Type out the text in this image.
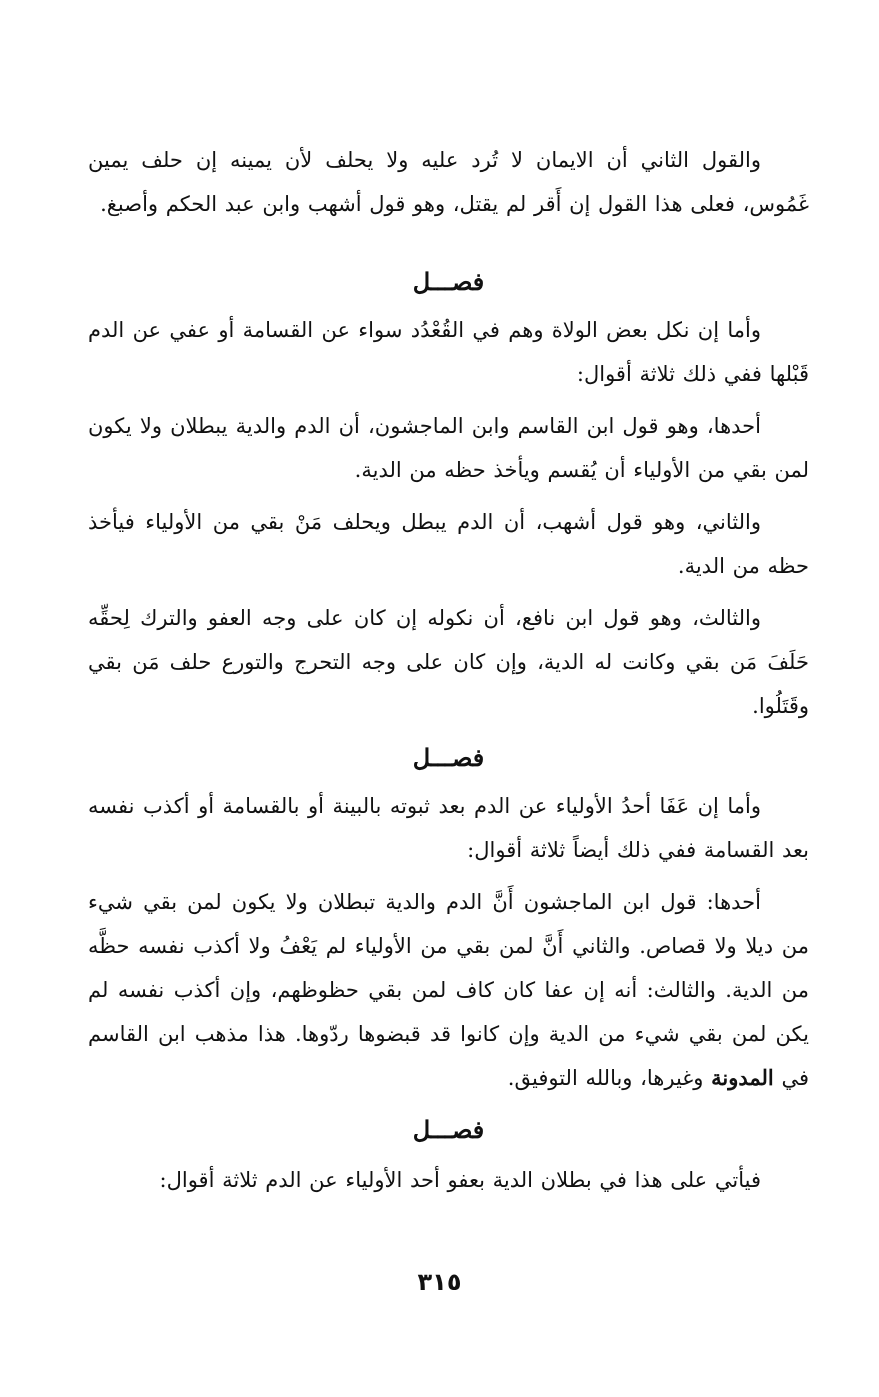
والقول الثاني أن الايمان لا تُرد عليه ولا يحلف لأن يمينه إن حلف يمين غَمُوس، فعلى هذا القول إن أَقر لم يقتل، وهو قول أشهب وابن عبد الحكم وأصبغ.

فصـــل

وأما إن نكل بعض الولاة وهم في القُعْدُد سواء عن القسامة أو عفي عن الدم قَبْلها ففي ذلك ثلاثة أقوال:

أحدها، وهو قول ابن القاسم وابن الماجشون، أن الدم والدية يبطلان ولا يكون لمن بقي من الأولياء أن يُقسم ويأخذ حظه من الدية.

والثاني، وهو قول أشهب، أن الدم يبطل ويحلف مَنْ بقي من الأولياء فيأخذ حظه من الدية.

والثالث، وهو قول ابن نافع، أن نكوله إن كان على وجه العفو والترك لِحقِّه حَلَفَ مَن بقي وكانت له الدية، وإن كان على وجه التحرج والتورع حلف مَن بقي وقَتَلُوا.

فصـــل

وأما إن عَفَا أحدُ الأولياء عن الدم بعد ثبوته بالبينة أو بالقسامة أو أكذب نفسه بعد القسامة ففي ذلك أيضاً ثلاثة أقوال:

أحدها: قول ابن الماجشون أَنَّ الدم والدية تبطلان ولا يكون لمن بقي شيء من ديلا ولا قصاص. والثاني أَنَّ لمن بقي من الأولياء لم يَعْفُ ولا أكذب نفسه حظَّه من الدية. والثالث: أنه إن عفا كان كاف لمن بقي حظوظهم، وإن أكذب نفسه لم يكن لمن بقي شيء من الدية وإن كانوا قد قبضوها ردّوها. هذا مذهب ابن القاسم في المدونة وغيرها، وبالله التوفيق.

فصـــل

فيأتي على هذا في بطلان الدية بعفو أحد الأولياء عن الدم ثلاثة أقوال:

٣١٥
